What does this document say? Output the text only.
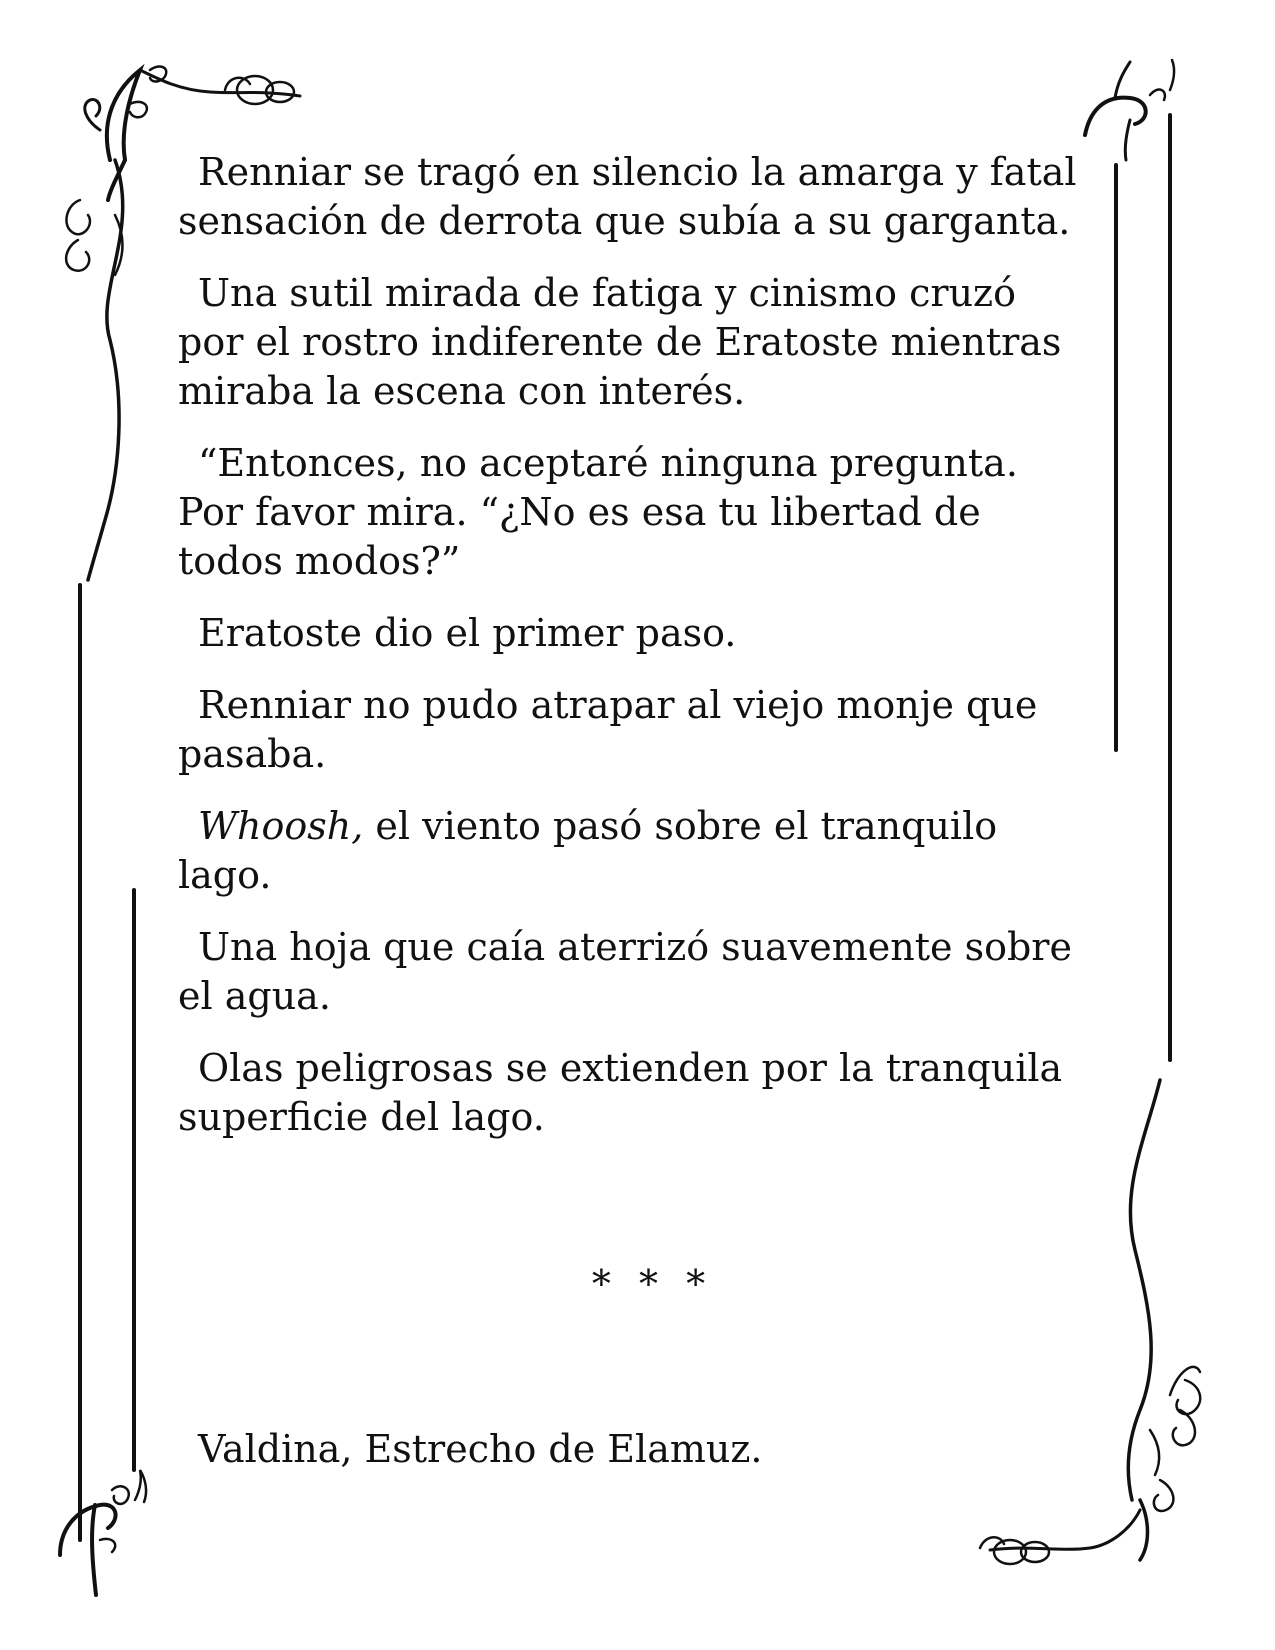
Renniar se tragó en silencio la amarga y fatal
sensación de derrota que subía a su garganta.

Una sutil mirada de fatiga y cinismo cruzó
por el rostro indiferente de Eratoste mientras
miraba la escena con interés.

“Entonces, no aceptaré ninguna pregunta.
Por favor mira. “¿No es esa tu libertad de
todos modos?”

Eratoste dio el primer paso.

Renniar no pudo atrapar al viejo monje que
pasaba.

Whoosh, el viento pasó sobre el tranquilo
lago.

Una hoja que caía aterrizó suavemente sobre
el agua.

Olas peligrosas se extienden por la tranquila
superficie del lago.

* * *
Valdina, Estrecho de Elamuz.
